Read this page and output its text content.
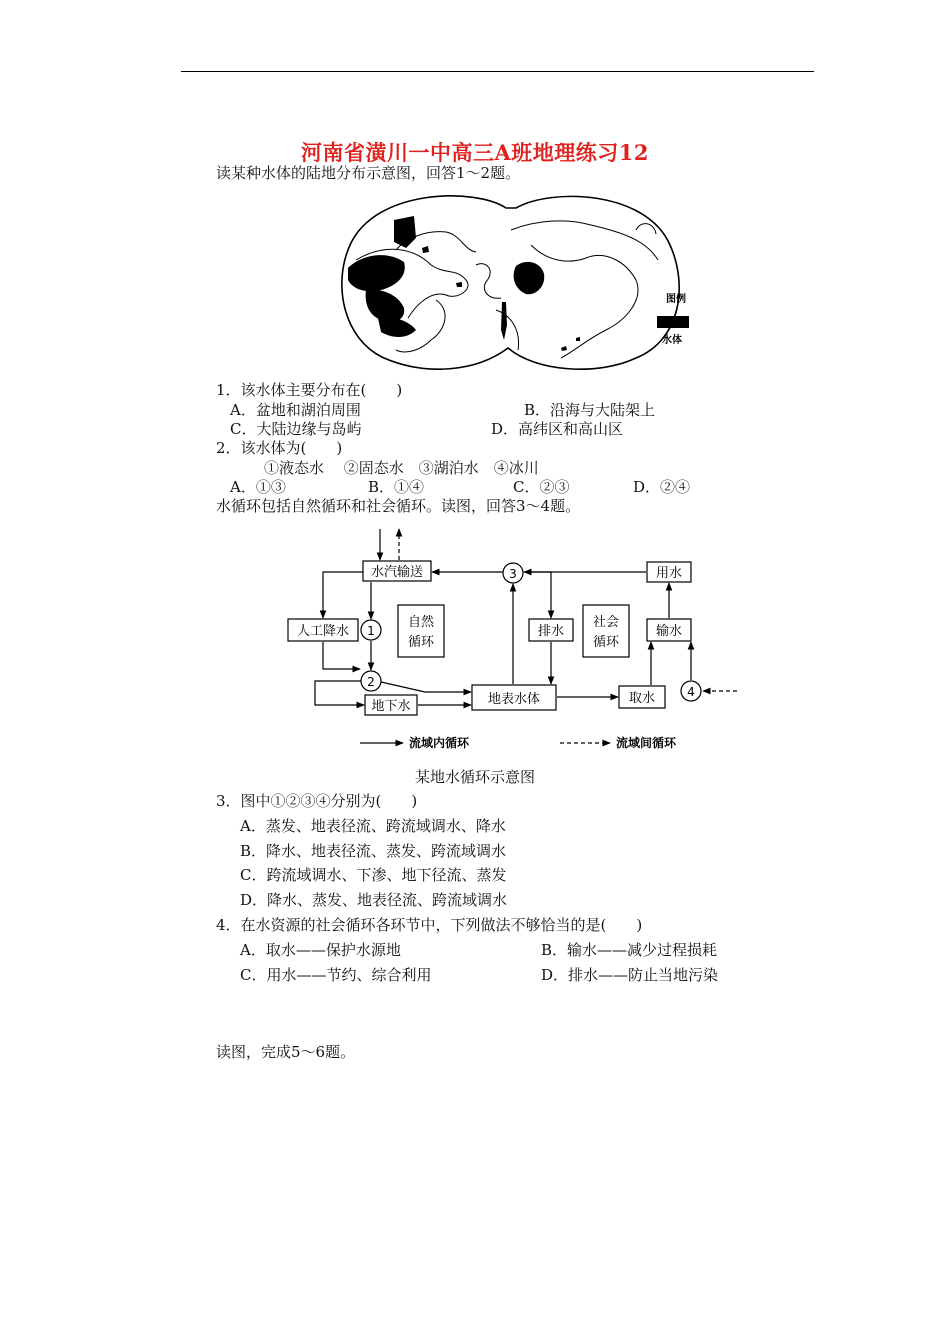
河南省潢川一中高三A班地理练习12
读某种水体的陆地分布示意图，回答1～2题。
图例
水体
1．该水体主要分布在(　　)
A．盆地和湖泊周围	B．沿海与大陆架上
C．大陆边缘与岛屿	D．高纬区和高山区
2．该水体为(　　)
①液态水　 ②固态水　③湖泊水　④冰川
A．①③	B．①④	C．②③	D．②④
水循环包括自然循环和社会循环。读图，回答3～4题。
水汽输送
人工降水
自然
循环
排水
社会
循环
用水
输水
地下水	地表水体	取水
1
2
3
4
流域内循环	流域间循环
某地水循环示意图
3．图中①②③④分别为(　　)
A．蒸发、地表径流、跨流域调水、降水
B．降水、地表径流、蒸发、跨流域调水
C．跨流域调水、下渗、地下径流、蒸发
D．降水、蒸发、地表径流、跨流域调水
4．在水资源的社会循环各环节中，下列做法不够恰当的是(　　)
A．取水——保护水源地	B．输水——减少过程损耗
C．用水——节约、综合利用	D．排水——防止当地污染
读图，完成5～6题。
